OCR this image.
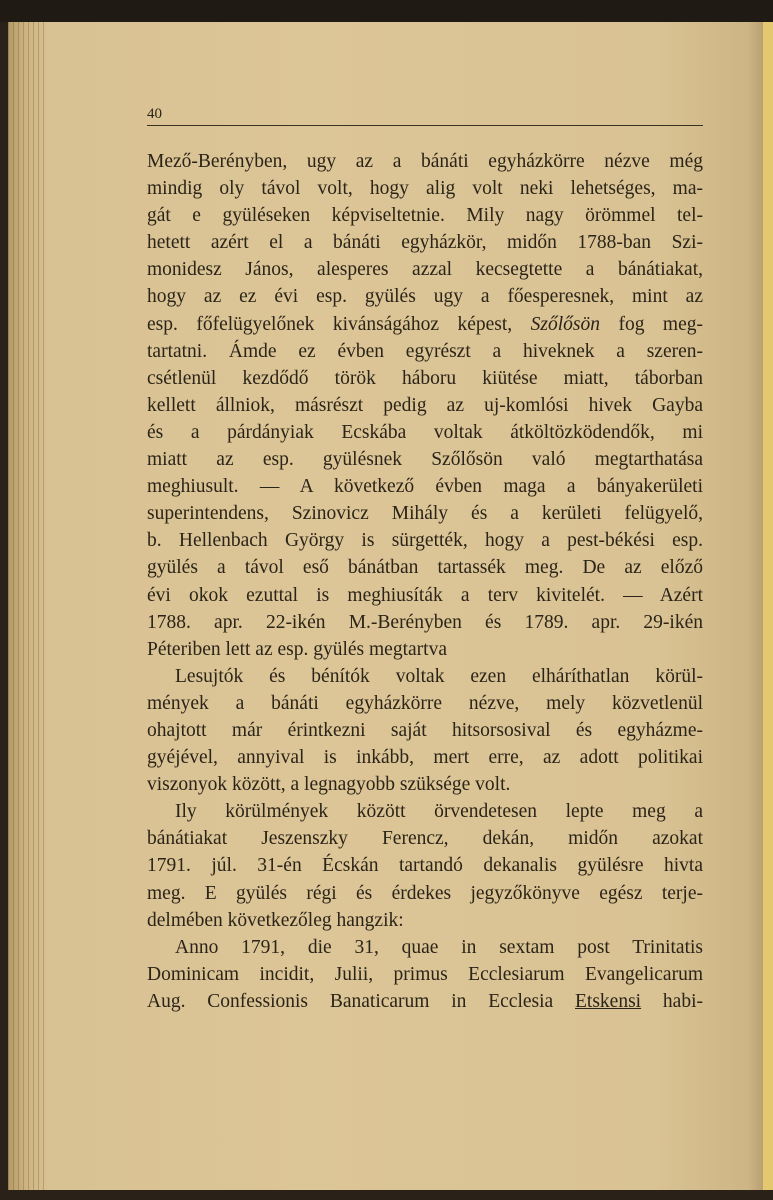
40
Mező-Berényben, ugy az a bánáti egyházkörre nézve még
mindig oly távol volt, hogy alig volt neki lehetséges, ma-
gát e gyüléseken képviseltetnie. Mily nagy örömmel tel-
hetett azért el a bánáti egyházkör, midőn 1788-ban Szi-
monidesz János, alesperes azzal kecsegtette a bánátiakat,
hogy az ez évi esp. gyülés ugy a főesperesnek, mint az
esp. főfelügyelőnek kivánságához képest, Szőlősön fog meg-
tartatni. Ámde ez évben egyrészt a hiveknek a szeren-
csétlenül kezdődő török háboru kiütése miatt, táborban
kellett állniok, másrészt pedig az uj-komlósi hivek Gayba
és a párdányiak Ecskába voltak átköltözködendők, mi
miatt az esp. gyülésnek Szőlősön való megtarthatása
meghiusult. — A következő évben maga a bányakerületi
superintendens, Szinovicz Mihály és a kerületi felügyelő,
b. Hellenbach György is sürgették, hogy a pest-békési esp.
gyülés a távol eső bánátban tartassék meg. De az előző
évi okok ezuttal is meghiusíták a terv kivitelét. — Azért
1788. apr. 22-ikén M.-Berényben és 1789. apr. 29-ikén
Péteriben lett az esp. gyülés megtartva
Lesujtók és bénítók voltak ezen elháríthatlan körül-
mények a bánáti egyházkörre nézve, mely közvetlenül
ohajtott már érintkezni saját hitsorsosival és egyházme-
gyéjével, annyival is inkább, mert erre, az adott politikai
viszonyok között, a legnagyobb szüksége volt.
Ily körülmények között örvendetesen lepte meg a
bánátiakat Jeszenszky Ferencz, dekán, midőn azokat
1791. júl. 31-én Écskán tartandó dekanalis gyülésre hivta
meg. E gyülés régi és érdekes jegyzőkönyve egész terje-
delmében következőleg hangzik:
Anno 1791, die 31, quae in sextam post Trinitatis
Dominicam incidit, Julii, primus Ecclesiarum Evangelicarum
Aug. Confessionis Banaticarum in Ecclesia Etskensi habi-
